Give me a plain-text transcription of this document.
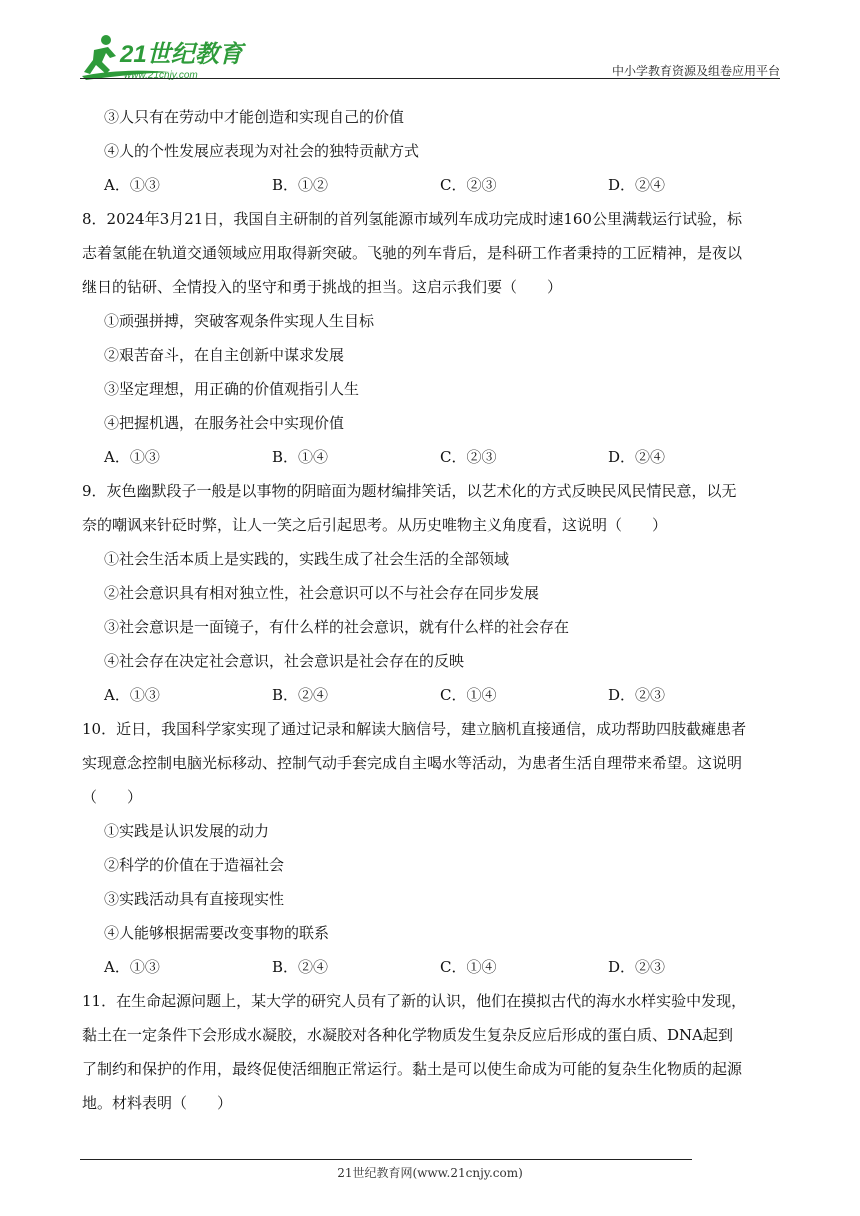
21世纪教育
www.21cnjy.com	中小学教育资源及组卷应用平台
③人只有在劳动中才能创造和实现自己的价值
④人的个性发展应表现为对社会的独特贡献方式
A．①③	B．①②	C．②③	D．②④
8．2024年3月21日，我国自主研制的首列氢能源市域列车成功完成时速160公里满载运行试验，标
志着氢能在轨道交通领域应用取得新突破。飞驰的列车背后，是科研工作者秉持的工匠精神，是夜以
继日的钻研、全情投入的坚守和勇于挑战的担当。这启示我们要（　　）
①顽强拼搏，突破客观条件实现人生目标
②艰苦奋斗，在自主创新中谋求发展
③坚定理想，用正确的价值观指引人生
④把握机遇，在服务社会中实现价值
A．①③	B．①④	C．②③	D．②④
9．灰色幽默段子一般是以事物的阴暗面为题材编排笑话，以艺术化的方式反映民风民情民意，以无
奈的嘲讽来针砭时弊，让人一笑之后引起思考。从历史唯物主义角度看，这说明（　　）
①社会生活本质上是实践的，实践生成了社会生活的全部领域
②社会意识具有相对独立性，社会意识可以不与社会存在同步发展
③社会意识是一面镜子，有什么样的社会意识，就有什么样的社会存在
④社会存在决定社会意识，社会意识是社会存在的反映
A．①③	B．②④	C．①④	D．②③
10．近日，我国科学家实现了通过记录和解读大脑信号，建立脑机直接通信，成功帮助四肢截瘫患者
实现意念控制电脑光标移动、控制气动手套完成自主喝水等活动，为患者生活自理带来希望。这说明
（　　）
①实践是认识发展的动力
②科学的价值在于造福社会
③实践活动具有直接现实性
④人能够根据需要改变事物的联系
A．①③	B．②④	C．①④	D．②③
11．在生命起源问题上，某大学的研究人员有了新的认识，他们在摸拟古代的海水水样实验中发现，
黏土在一定条件下会形成水凝胶，水凝胶对各种化学物质发生复杂反应后形成的蛋白质、DNA起到
了制约和保护的作用，最终促使活细胞正常运行。黏土是可以使生命成为可能的复杂生化物质的起源
地。材料表明（　　）
21世纪教育网(www.21cnjy.com)
